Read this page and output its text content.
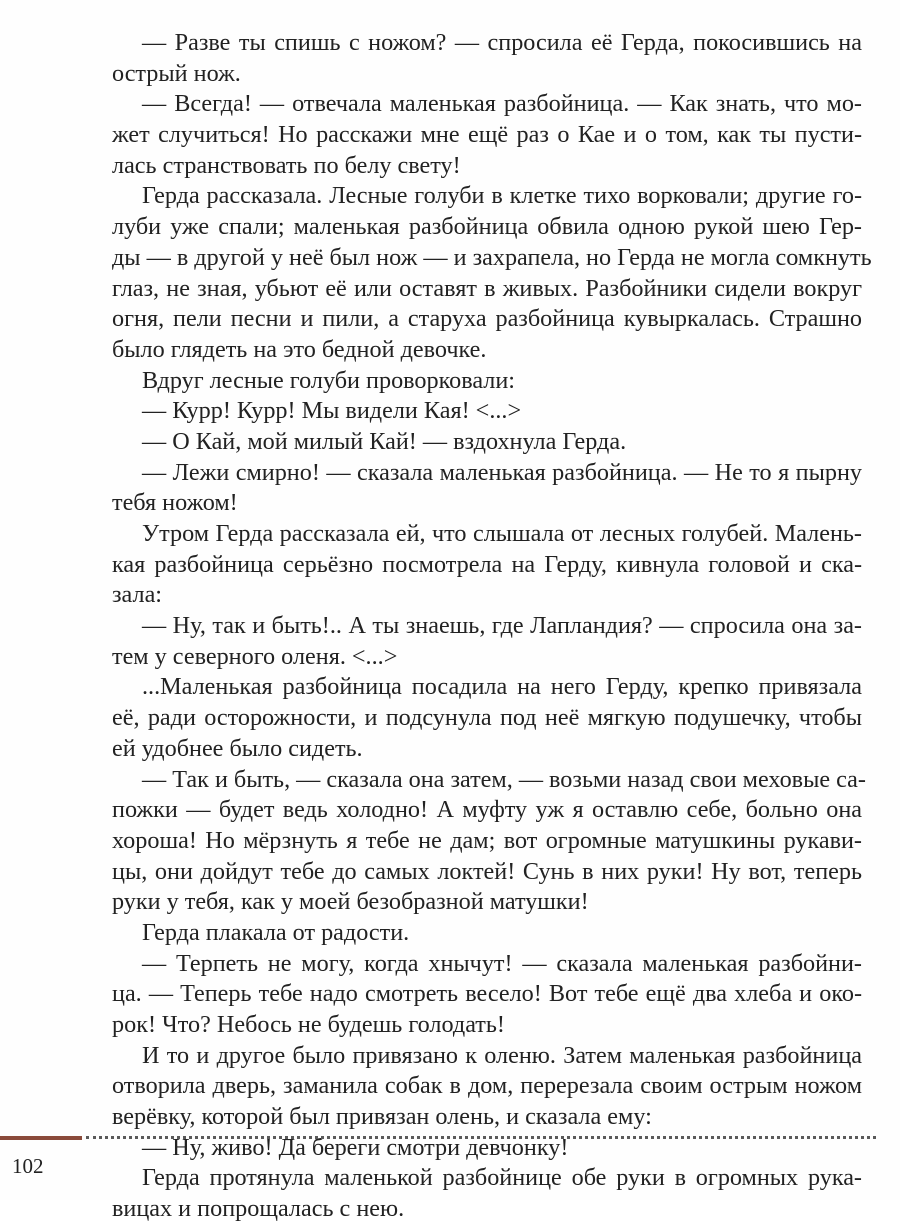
— Разве ты спишь с ножом? — спросила её Герда, покосившись на
острый нож.
— Всегда! — отвечала маленькая разбойница. — Как знать, что мо-
жет случиться! Но расскажи мне ещё раз о Кае и о том, как ты пусти-
лась странствовать по белу свету!
Герда рассказала. Лесные голуби в клетке тихо ворковали; другие го-
луби уже спали; маленькая разбойница обвила одною рукой шею Гер-
ды — в другой у неё был нож — и захрапела, но Герда не могла сомкнуть
глаз, не зная, убьют её или оставят в живых. Разбойники сидели вокруг
огня, пели песни и пили, а старуха разбойница кувыркалась. Страшно
было глядеть на это бедной девочке.
Вдруг лесные голуби проворковали:
— Курр! Курр! Мы видели Кая! <...>
— О Кай, мой милый Кай! — вздохнула Герда.
— Лежи смирно! — сказала маленькая разбойница. — Не то я пырну
тебя ножом!
Утром Герда рассказала ей, что слышала от лесных голубей. Малень-
кая разбойница серьёзно посмотрела на Герду, кивнула головой и ска-
зала:
— Ну, так и быть!.. А ты знаешь, где Лапландия? — спросила она за-
тем у северного оленя. <...>
...Маленькая разбойница посадила на него Герду, крепко привязала
её, ради осторожности, и подсунула под неё мягкую подушечку, чтобы
ей удобнее было сидеть.
— Так и быть, — сказала она затем, — возьми назад свои меховые са-
пожки — будет ведь холодно! А муфту уж я оставлю себе, больно она
хороша! Но мёрзнуть я тебе не дам; вот огромные матушкины рукави-
цы, они дойдут тебе до самых локтей! Сунь в них руки! Ну вот, теперь
руки у тебя, как у моей безобразной матушки!
Герда плакала от радости.
— Терпеть не могу, когда хнычут! — сказала маленькая разбойни-
ца. — Теперь тебе надо смотреть весело! Вот тебе ещё два хлеба и око-
рок! Что? Небось не будешь голодать!
И то и другое было привязано к оленю. Затем маленькая разбойница
отворила дверь, заманила собак в дом, перерезала своим острым ножом
верёвку, которой был привязан олень, и сказала ему:
— Ну, живо! Да береги смотри девчонку!
Герда протянула маленькой разбойнице обе руки в огромных рука-
вицах и попрощалась с нею.
102
